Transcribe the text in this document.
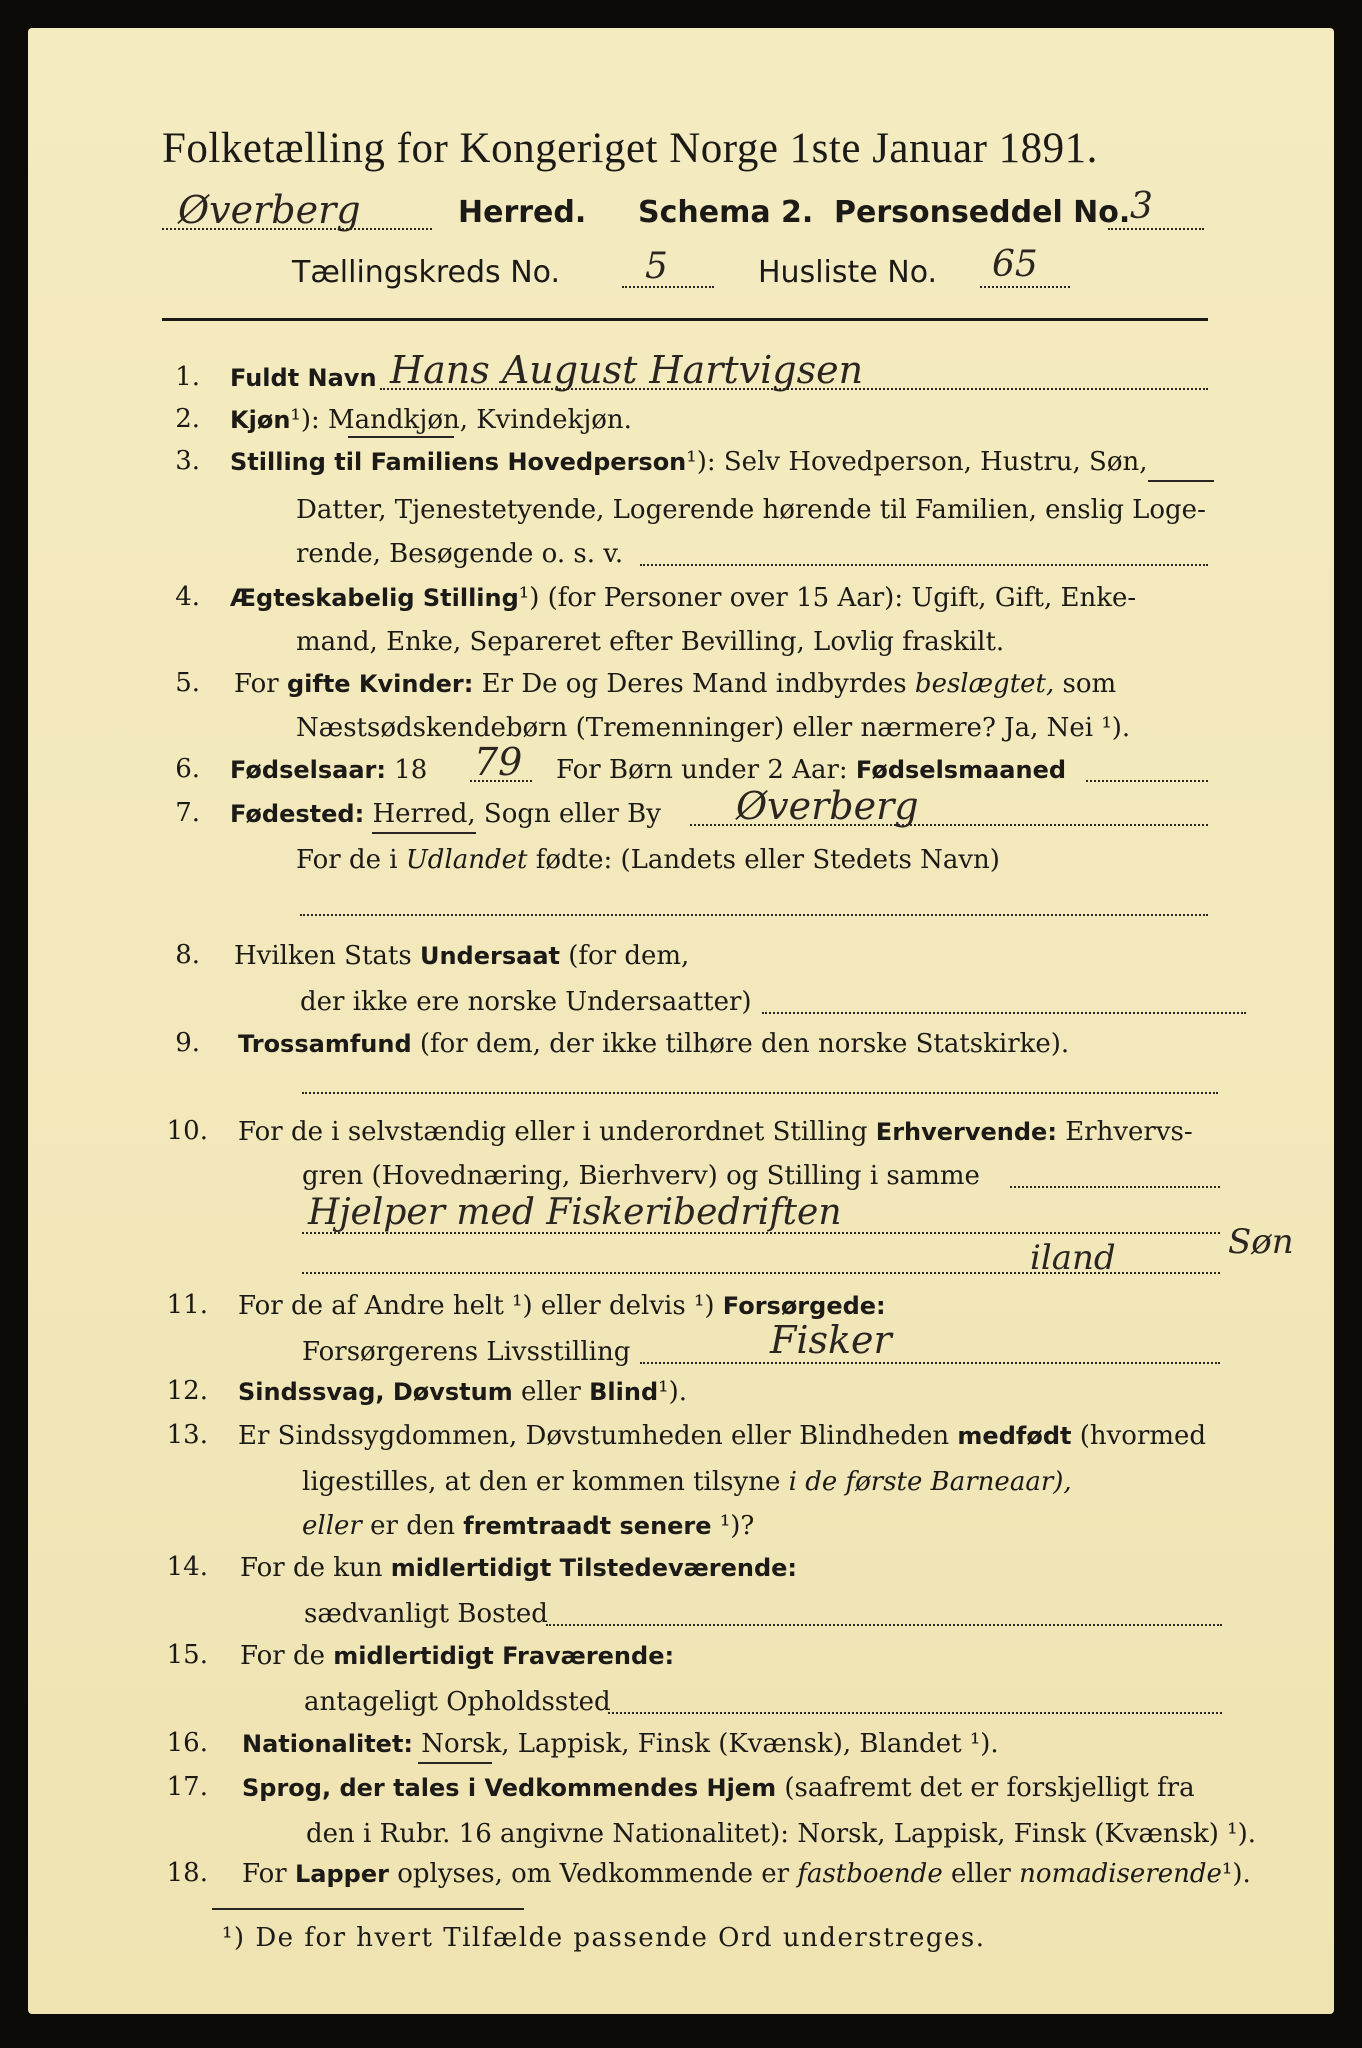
Folketælling for Kongeriget Norge 1ste Januar 1891.
Øverberg	Herred. Schema 2. Personseddel No. 3
Tællingskreds No. 5	Husliste No. 65
1. Fuldt Navn Hans August Hartvigsen
2. Kjøn¹): Mandkjøn, Kvindekjøn.
3. Stilling til Familiens Hovedperson¹): Selv Hovedperson, Hustru, Søn,
Datter, Tjenestetyende, Logerende hørende til Familien, enslig Loge-
rende, Besøgende o. s. v.
4. Ægteskabelig Stilling¹) (for Personer over 15 Aar): Ugift, Gift, Enke-
mand, Enke, Separeret efter Bevilling, Lovlig fraskilt.
5. For gifte Kvinder: Er De og Deres Mand indbyrdes beslægtet, som
Næstsødskendebørn (Tremenninger) eller nærmere? Ja, Nei ¹).
6. Fødselsaar: 18 79 For Børn under 2 Aar: Fødselsmaaned
7. Fødested: Herred, Sogn eller By Øverberg
For de i Udlandet fødte: (Landets eller Stedets Navn)
8. Hvilken Stats Undersaat (for dem,
der ikke ere norske Undersaatter)
9. Trossamfund (for dem, der ikke tilhøre den norske Statskirke).
10. For de i selvstændig eller i underordnet Stilling Erhvervende: Erhvervs-
gren (Hovednæring, Bierhverv) og Stilling i samme
Hjelper med Fiskeribedriften
Søn
iland
11. For de af Andre helt ¹) eller delvis ¹) Forsørgede:
Forsørgerens Livsstilling	Fisker
12. Sindssvag, Døvstum eller Blind¹).
13. Er Sindssygdommen, Døvstumheden eller Blindheden medfødt (hvormed
ligestilles, at den er kommen tilsyne i de første Barneaar),
eller er den fremtraadt senere ¹)?
14. For de kun midlertidigt Tilstedeværende:
sædvanligt Bosted
15. For de midlertidigt Fraværende:
antageligt Opholdssted
16. Nationalitet: Norsk, Lappisk, Finsk (Kvænsk), Blandet ¹).
17. Sprog, der tales i Vedkommendes Hjem (saafremt det er forskjelligt fra
den i Rubr. 16 angivne Nationalitet): Norsk, Lappisk, Finsk (Kvænsk) ¹).
18. For Lapper oplyses, om Vedkommende er fastboende eller nomadiserende¹).
¹) De for hvert Tilfælde passende Ord understreges.
